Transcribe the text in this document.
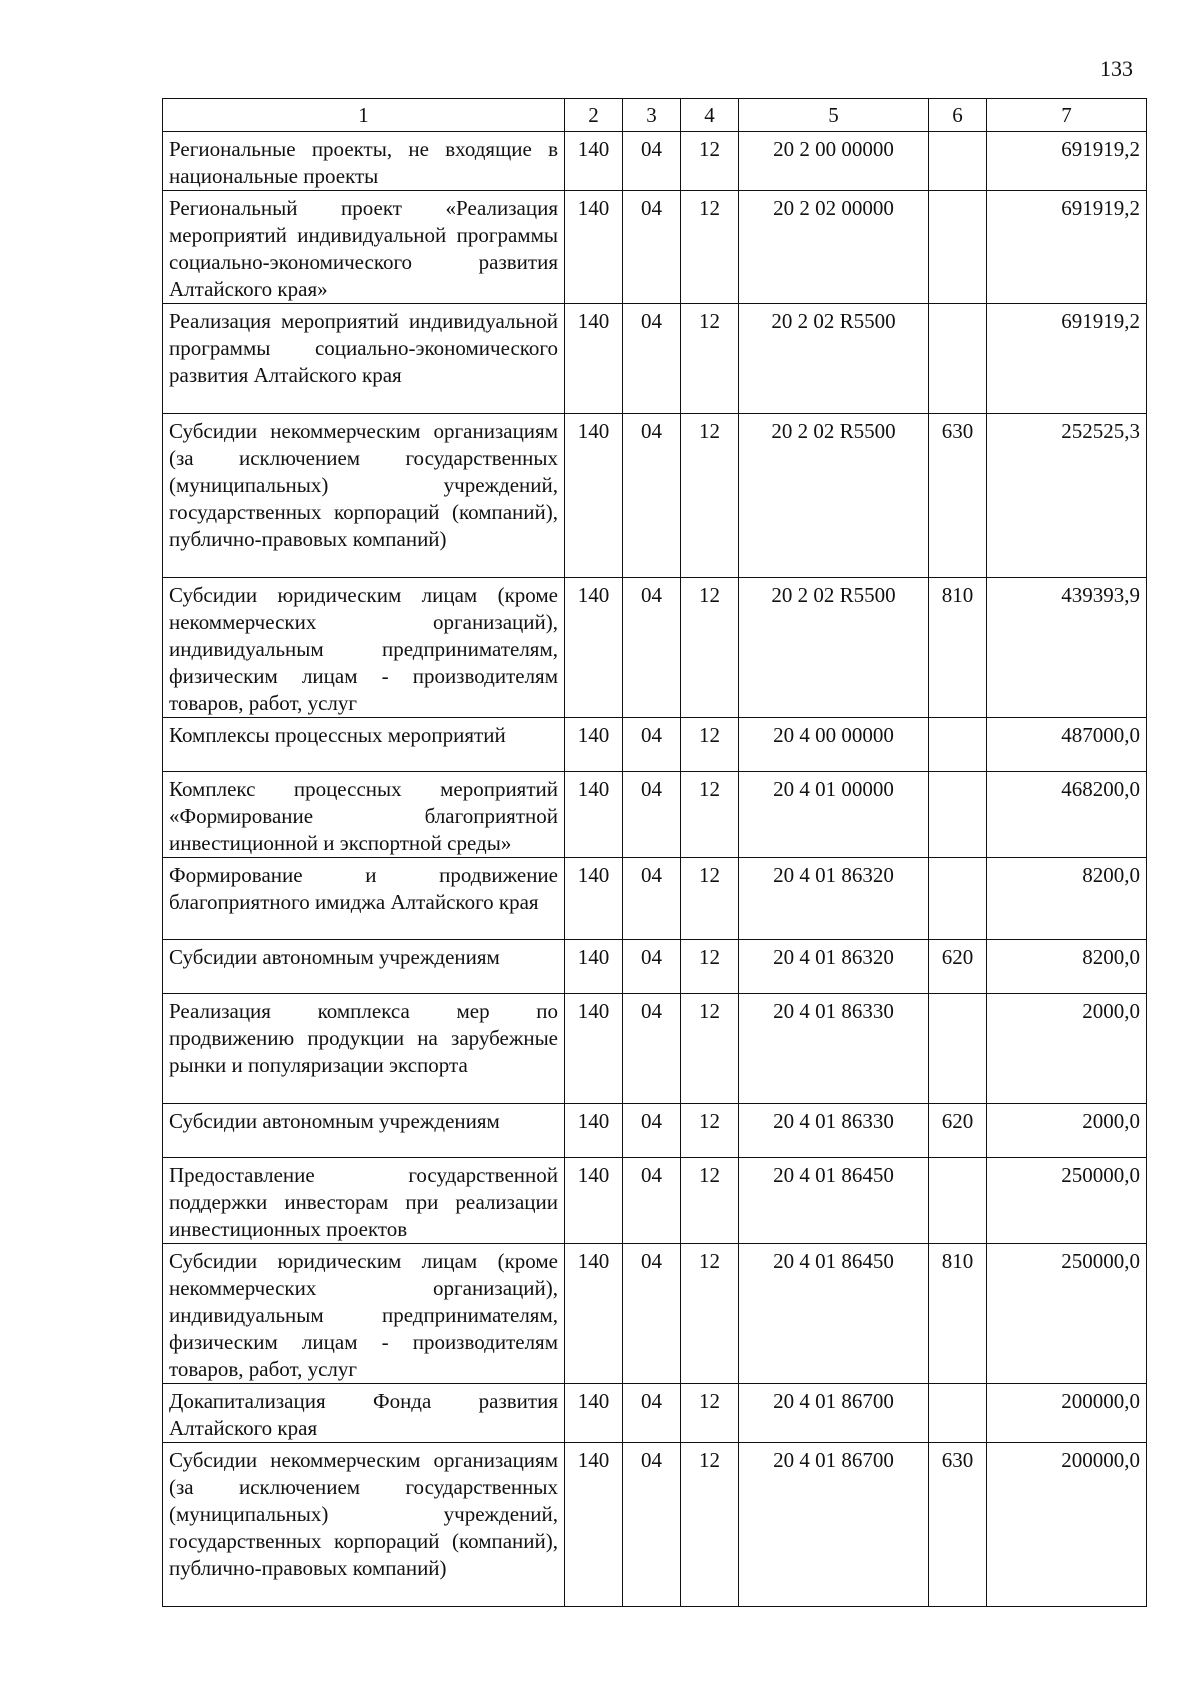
133
1	2	3	4	5	6	7
Региональные проекты, не входящие в национальные проекты	140	04	12	20 2 00 00000		691919,2
Региональный проект «Реализация мероприятий индивидуальной программы социально-экономического развития Алтайского края»	140	04	12	20 2 02 00000		691919,2
Реализация мероприятий индивидуальной программы социально-экономического развития Алтайского края	140	04	12	20 2 02 R5500		691919,2
Субсидии некоммерческим организациям (за исключением государственных (муниципальных) учреждений, государственных корпораций (компаний), публично-правовых компаний)	140	04	12	20 2 02 R5500	630	252525,3
Субсидии юридическим лицам (кроме некоммерческих организаций), индивидуальным предпринимателям, физическим лицам - производителям товаров, работ, услуг	140	04	12	20 2 02 R5500	810	439393,9
Комплексы процессных мероприятий	140	04	12	20 4 00 00000		487000,0
Комплекс процессных мероприятий «Формирование благоприятной инвестиционной и экспортной среды»	140	04	12	20 4 01 00000		468200,0
Формирование и продвижение благоприятного имиджа Алтайского края	140	04	12	20 4 01 86320		8200,0
Субсидии автономным учреждениям	140	04	12	20 4 01 86320	620	8200,0
Реализация комплекса мер по продвижению продукции на зарубежные рынки и популяризации экспорта	140	04	12	20 4 01 86330		2000,0
Субсидии автономным учреждениям	140	04	12	20 4 01 86330	620	2000,0
Предоставление государственной поддержки инвесторам при реализации инвестиционных проектов	140	04	12	20 4 01 86450		250000,0
Субсидии юридическим лицам (кроме некоммерческих организаций), индивидуальным предпринимателям, физическим лицам - производителям товаров, работ, услуг	140	04	12	20 4 01 86450	810	250000,0
Докапитализация Фонда развития Алтайского края	140	04	12	20 4 01 86700		200000,0
Субсидии некоммерческим организациям (за исключением государственных (муниципальных) учреждений, государственных корпораций (компаний), публично-правовых компаний)	140	04	12	20 4 01 86700	630	200000,0
